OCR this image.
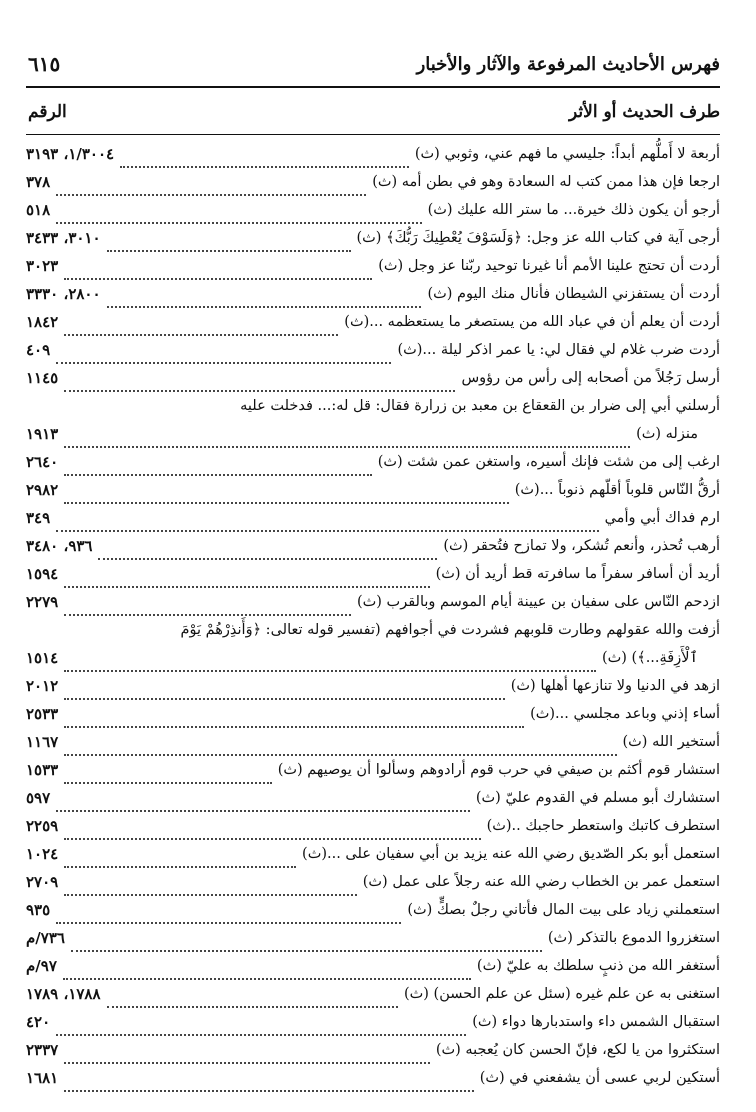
فهرس الأحاديث المرفوعة والآثار والأخبار
٦١٥
طرف الحديث أو الأثر
الرقم
أربعة لا أَملُّهم أبداً: جليسي ما فهم عني، وثوبي (ث)
١/٣٠٠٤، ٣١٩٣
ارجعا فإن هذا ممن كتب له السعادة وهو في بطن أمه (ث)
٣٧٨
أرجو أن يكون ذلك خيرة... ما ستر الله عليك (ث)
٥١٨
أرجى آية في كتاب الله عز وجل: ﴿وَلَسَوْفَ يُعْطِيكَ رَبُّكَ﴾ (ث)
٣٠١٠، ٣٤٣٣
أردت أن تحتج علينا الأمم أنا غيرنا توحيد ربّنا عز وجل (ث)
٣٠٢٣
أردت أن يستفزني الشيطان فأنال منك اليوم (ث)
٢٨٠٠، ٣٣٣٠
أردت أن يعلم أن في عباد الله من يستصغر ما يستعظمه ...(ث)
١٨٤٢
أردت ضرب غلام لي فقال لي: يا عمر اذكر ليلة ...(ث)
٤٠٩
أرسل رَجُلاً من أصحابه إلى رأس من رؤوس
١١٤٥
أرسلني أبي إلى ضرار بن القعقاع بن معبد بن زرارة فقال: قل له:... فدخلت عليه
منزله (ث)
١٩١٣
ارغب إلى من شئت فإنك أسيره، واستغن عمن شئت (ث)
٢٦٤٠
أرقُّ النّاس قلوباً أقلّهم ذنوباً ...(ث)
٢٩٨٢
ارم فداك أبي وأمي
٣٤٩
أرهب تُحذر، وأنعم تُشكر، ولا تمازح فتُحقر (ث)
٩٣٦، ٣٤٨٠
أريد أن أسافر سفراً ما سافرته قط أريد أن (ث)
١٥٩٤
ازدحم النّاس على سفيان بن عيينة أيام الموسم وبالقرب (ث)
٢٢٧٩
أزفت والله عقولهم وطارت قلوبهم فشردت في أجوافهم (تفسير قوله تعالى: ﴿وَأَنذِرْهُمْ يَوْمَ
ٱلْأَزِفَةِ...﴾) (ث)
١٥١٤
ازهد في الدنيا ولا تنازعها أهلها (ث)
٢٠١٢
أساء إذني وباعد مجلسي ...(ث)
٢٥٣٣
أستخير الله (ث)
١١٦٧
استشار قوم أكثم بن صيفي في حرب قوم أرادوهم وسألوا أن يوصيهم (ث)
١٥٣٣
استشارك أبو مسلم في القدوم عليّ (ث)
٥٩٧
استطرف كاتبك واستعطر حاجبك ..(ث)
٢٢٥٩
استعمل أبو بكر الصّديق رضي الله عنه يزيد بن أبي سفيان على ...(ث)
١٠٢٤
استعمل عمر بن الخطاب رضي الله عنه رجلاً على عمل (ث)
٢٧٠٩
استعملني زياد على بيت المال فأتاني رجلٌ بصكٍّ (ث)
٩٣٥
استغزروا الدموع بالتذكر (ث)
٧٣٦/م
أستغفر الله من ذنبٍ سلطك به عليّ (ث)
٩٧/م
استغنى به عن علم غيره (سئل عن علم الحسن) (ث)
١٧٨٨، ١٧٨٩
استقبال الشمس داء واستدبارها دواء (ث)
٤٢٠
استكثروا من يا لكع، فإنّ الحسن كان يُعجبه (ث)
٢٣٣٧
أستكين لربي عسى أن يشفعني في (ث)
١٦٨١
